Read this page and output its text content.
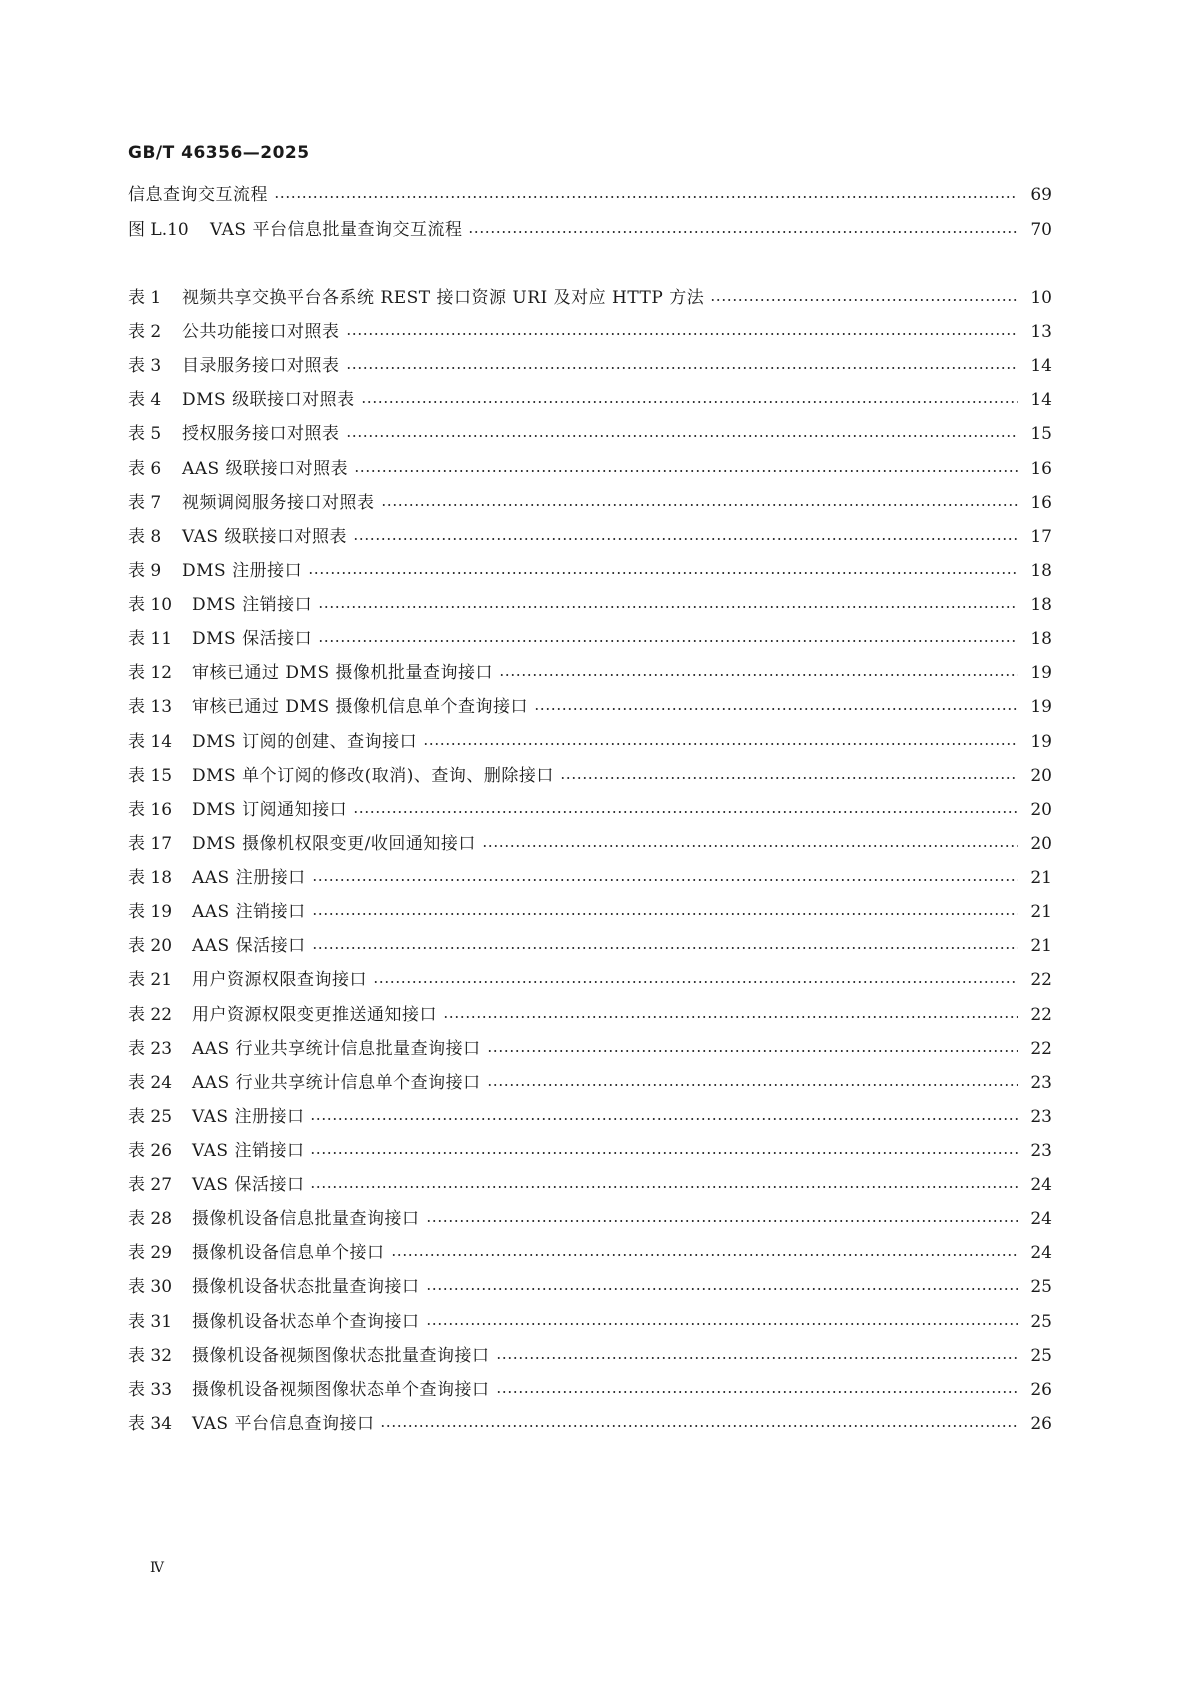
GB/T 46356—2025
信息查询交互流程	69
图 L.10	VAS 平台信息批量查询交互流程	70
表 1	视频共享交换平台各系统 REST 接口资源 URI 及对应 HTTP 方法	10
表 2	公共功能接口对照表	13
表 3	目录服务接口对照表	14
表 4	DMS 级联接口对照表	14
表 5	授权服务接口对照表	15
表 6	AAS 级联接口对照表	16
表 7	视频调阅服务接口对照表	16
表 8	VAS 级联接口对照表	17
表 9	DMS 注册接口	18
表 10	DMS 注销接口	18
表 11	DMS 保活接口	18
表 12	审核已通过 DMS 摄像机批量查询接口	19
表 13	审核已通过 DMS 摄像机信息单个查询接口	19
表 14	DMS 订阅的创建、查询接口	19
表 15	DMS 单个订阅的修改(取消)、查询、删除接口	20
表 16	DMS 订阅通知接口	20
表 17	DMS 摄像机权限变更/收回通知接口	20
表 18	AAS 注册接口	21
表 19	AAS 注销接口	21
表 20	AAS 保活接口	21
表 21	用户资源权限查询接口	22
表 22	用户资源权限变更推送通知接口	22
表 23	AAS 行业共享统计信息批量查询接口	22
表 24	AAS 行业共享统计信息单个查询接口	23
表 25	VAS 注册接口	23
表 26	VAS 注销接口	23
表 27	VAS 保活接口	24
表 28	摄像机设备信息批量查询接口	24
表 29	摄像机设备信息单个接口	24
表 30	摄像机设备状态批量查询接口	25
表 31	摄像机设备状态单个查询接口	25
表 32	摄像机设备视频图像状态批量查询接口	25
表 33	摄像机设备视频图像状态单个查询接口	26
表 34	VAS 平台信息查询接口	26
Ⅳ
